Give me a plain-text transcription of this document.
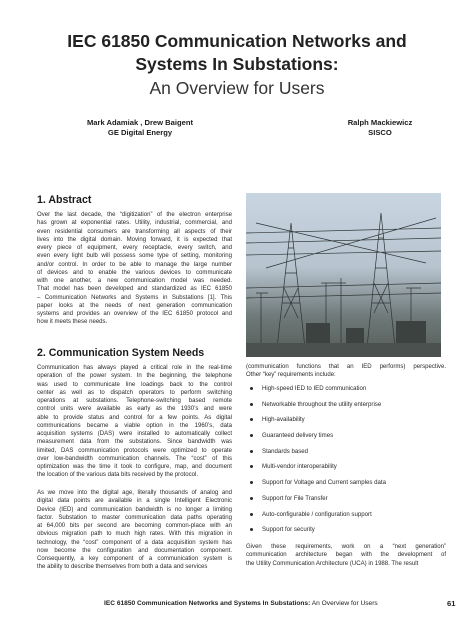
IEC 61850 Communication Networks and
Systems In Substations:
An Overview for Users
Mark Adamiak , Drew Baigent
GE Digital Energy
Ralph Mackiewicz
SISCO
1. Abstract
Over the last decade, the “digitization” of the electron enterprise
has grown at exponential rates. Utility, industrial, commercial, and
even residential consumers are transforming all aspects of their
lives into the digital domain. Moving forward, it is expected that
every piece of equipment, every receptacle, every switch, and
even every light bulb will possess some type of setting, monitoring
and/or control. In order to be able to manage the large number
of devices and to enable the various devices to communicate
with one another, a new communication model was needed.
That model has been developed and standardized as IEC 61850
– Communication Networks and Systems in Substations [1]. This
paper looks at the needs of next generation communication
systems and provides an overview of the IEC 61850 protocol and
how it meets these needs.
2. Communication System Needs
Communication has always played a critical role in the real-time
operation of the power system. In the beginning, the telephone
was used to communicate line loadings back to the control
center as well as to dispatch operators to perform switching
operations at substations. Telephone-switching based remote
control units were available as early as the 1930’s and were
able to provide status and control for a few points. As digital
communications became a viable option in the 1960’s, data
acquisition systems (DAS) were installed to automatically collect
measurement data from the substations. Since bandwidth was
limited, DAS communication protocols were optimized to operate
over low-bandwidth communication channels. The “cost” of this
optimization was the time it took to configure, map, and document
the location of the various data bits received by the protocol.
As we move into the digital age, literally thousands of analog and
digital data points are available in a single Intelligent Electronic
Device (IED) and communication bandwidth is no longer a limiting
factor. Substation to master communication data paths operating
at 64,000 bits per second are becoming common-place with an
obvious migration path to much high rates. With this migration in
technology, the “cost” component of a data acquisition system has
now become the configuration and documentation component.
Consequently, a key component of a communication system is
the ability to describe themselves from both a data and services
(communication functions that an IED performs) perspective.
Other “key” requirements include:
High-speed IED to IED communication
Networkable throughout the utility enterprise
High-availability
Guaranteed delivery times
Standards based
Multi-vendor interoperability
Support for Voltage and Current samples data
Support for File Transfer
Auto-configurable / configuration support
Support for security
Given these requirements, work on a “next generation”
communication architecture began with the development of
the Utility Communication Architecture (UCA) in 1988. The result
IEC 61850 Communication Networks and Systems In Substations: An Overview for Users	61
